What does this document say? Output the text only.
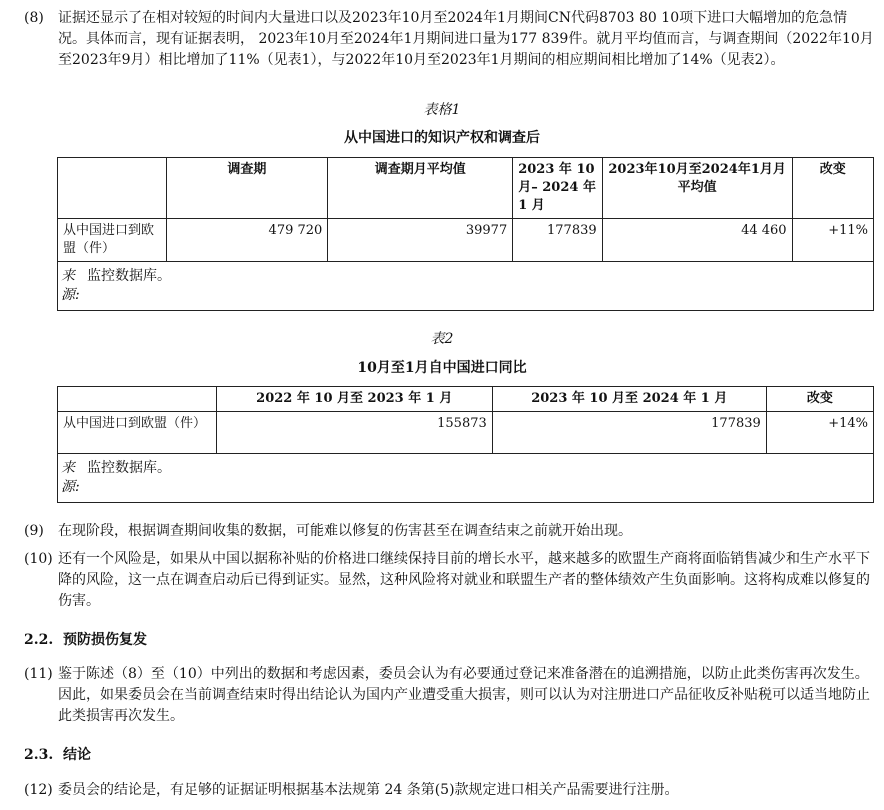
(8) 证据还显示了在相对较短的时间内大量进口以及2023年10月至2024年1月期间CN代码8703 80 10项下进口大幅增加的危急情况。具体而言，现有证据表明， 2023年10月至2024年1月期间进口量为177 839件。就月平均值而言，与调查期间（2022年10月至2023年9月）相比增加了11%（见表1），与2022年10月至2023年1月期间的相应期间相比增加了14%（见表2）。
表格1
从中国进口的知识产权和调查后
	调查期	调查期月平均值	2023 年 10 月– 2024 年 1 月	2023年10月至2024年1月月平均值	改变
从中国进口到欧盟（件）	479 720	39977	177839	44 460	+11%

来源:
监控数据库。					
表2
10月至1月自中国进口同比
	2022 年 10 月至 2023 年 1 月	2023 年 10 月至 2024 年 1 月	改变
从中国进口到欧盟（件）	155873	177839	+14%

来源:
监控数据库。			
(9) 在现阶段，根据调查期间收集的数据，可能难以修复的伤害甚至在调查结束之前就开始出现。
(10) 还有一个风险是，如果从中国以据称补贴的价格进口继续保持目前的增长水平，越来越多的欧盟生产商将面临销售减少和生产水平下降的风险，这一点在调查启动后已得到证实。显然，这种风险将对就业和联盟生产者的整体绩效产生负面影响。这将构成难以修复的伤害。
2.2.  预防损伤复发
(11) 鉴于陈述（8）至（10）中列出的数据和考虑因素，委员会认为有必要通过登记来准备潜在的追溯措施，以防止此类伤害再次发生。因此，如果委员会在当前调查结束时得出结论认为国内产业遭受重大损害，则可以认为对注册进口产品征收反补贴税可以适当地防止此类损害再次发生。
2.3.  结论
(12) 委员会的结论是，有足够的证据证明根据基本法规第 24 条第(5)款规定进口相关产品需要进行注册。
